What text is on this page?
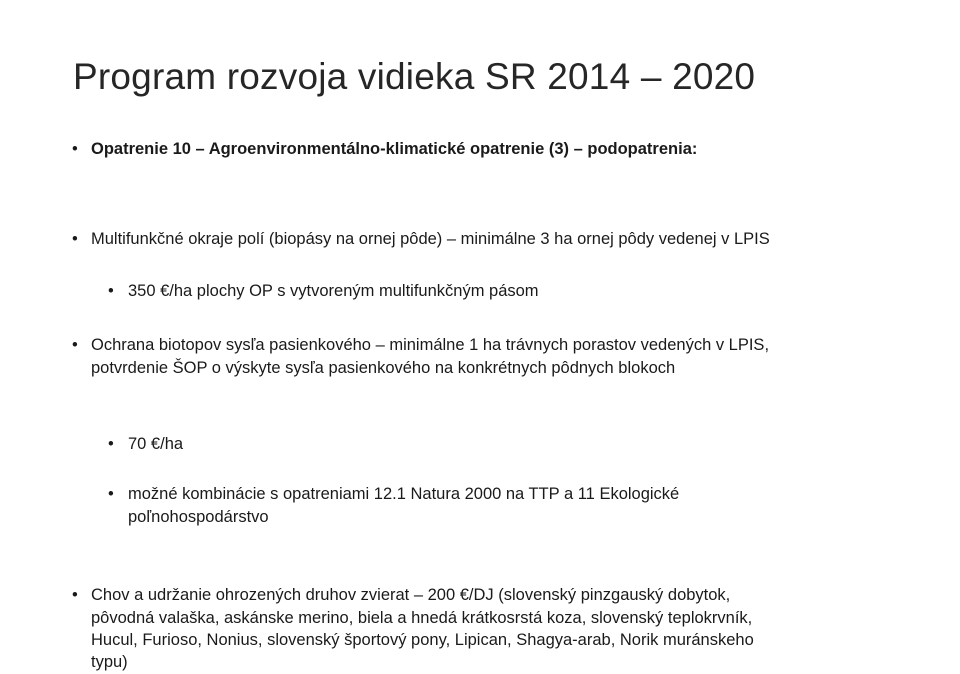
Program rozvoja vidieka SR 2014 – 2020
• Opatrenie 10 – Agroenvironmentálno-klimatické opatrenie (3) – podopatrenia:
• Multifunkčné okraje polí (biopásy na ornej pôde) – minimálne 3 ha ornej pôdy vedenej v LPIS
• 350 €/ha plochy OP s vytvoreným multifunkčným pásom
• Ochrana biotopov sysľa pasienkového – minimálne 1 ha trávnych porastov vedených v LPIS,
potvrdenie ŠOP o výskyte sysľa pasienkového na konkrétnych pôdnych blokoch
• 70 €/ha
• možné kombinácie s opatreniami 12.1 Natura 2000 na TTP a 11 Ekologické
poľnohospodárstvo
• Chov a udržanie ohrozených druhov zvierat – 200 €/DJ (slovenský pinzgauský dobytok,
pôvodná valaška, askánske merino, biela a hnedá krátkosrstá koza, slovenský teplokrvník,
Hucul, Furioso, Nonius, slovenský športový pony, Lipican, Shagya-arab, Norik muránskeho
typu)
